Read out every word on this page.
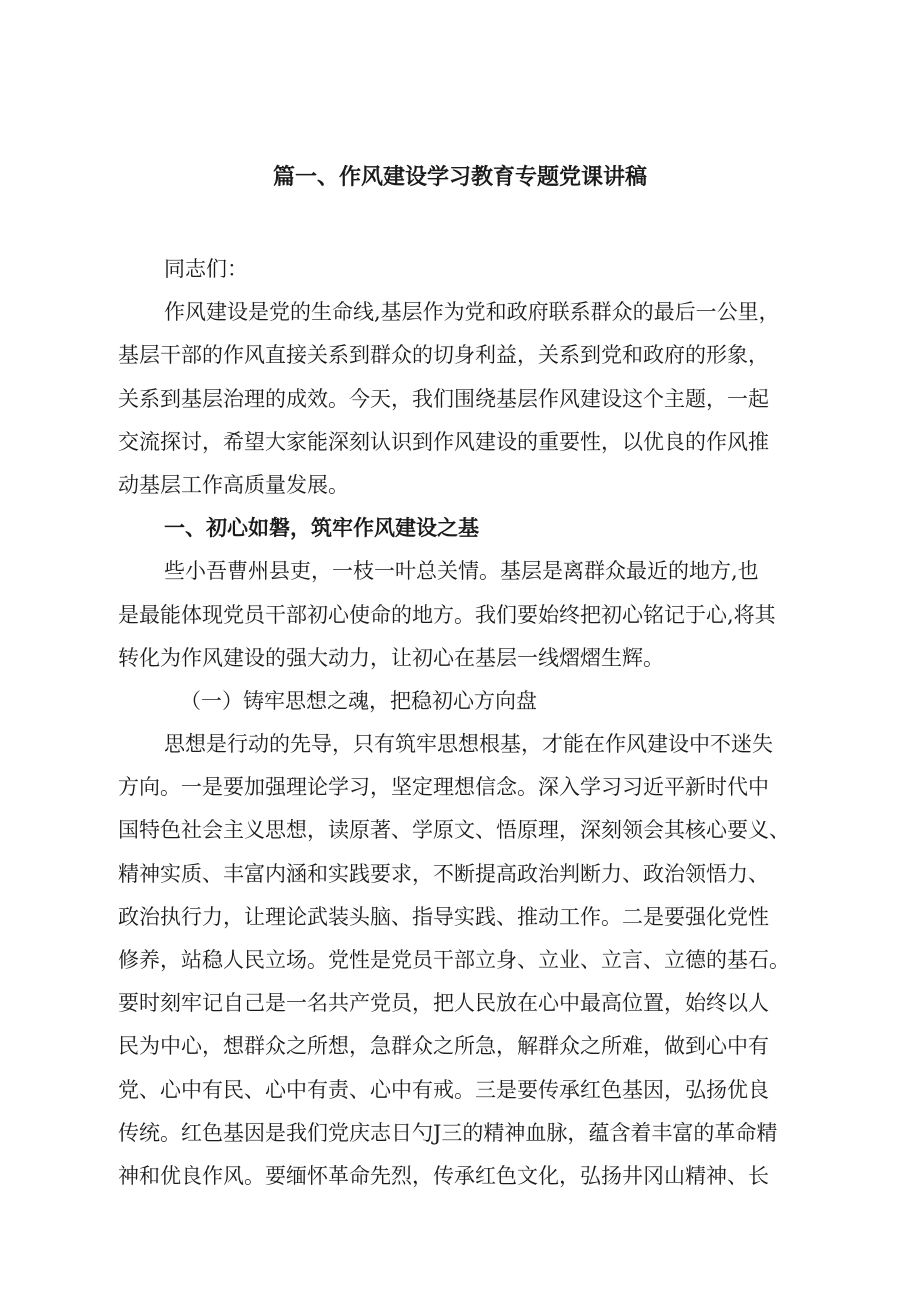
篇一、作风建设学习教育专题党课讲稿
同志们：
作风建设是党的生命线,基层作为党和政府联系群众的最后一公里，
基层干部的作风直接关系到群众的切身利益，关系到党和政府的形象，
关系到基层治理的成效。今天，我们围绕基层作风建设这个主题，一起
交流探讨，希望大家能深刻认识到作风建设的重要性，以优良的作风推
动基层工作高质量发展。
一、初心如磐，筑牢作风建设之基
些小吾曹州县吏，一枝一叶总关情。基层是离群众最近的地方,也
是最能体现党员干部初心使命的地方。我们要始终把初心铭记于心,将其
转化为作风建设的强大动力，让初心在基层一线熠熠生辉。
（一）铸牢思想之魂，把稳初心方向盘
思想是行动的先导，只有筑牢思想根基，才能在作风建设中不迷失
方向。一是要加强理论学习，坚定理想信念。深入学习习近平新时代中
国特色社会主义思想，读原著、学原文、悟原理，深刻领会其核心要义、
精神实质、丰富内涵和实践要求，不断提高政治判断力、政治领悟力、
政治执行力，让理论武装头脑、指导实践、推动工作。二是要强化党性
修养，站稳人民立场。党性是党员干部立身、立业、立言、立德的基石。
要时刻牢记自己是一名共产党员，把人民放在心中最高位置，始终以人
民为中心，想群众之所想，急群众之所急，解群众之所难，做到心中有
党、心中有民、心中有责、心中有戒。三是要传承红色基因，弘扬优良
传统。红色基因是我们党庆志日勺J三的精神血脉，蕴含着丰富的革命精
神和优良作风。要缅怀革命先烈，传承红色文化，弘扬井冈山精神、长
